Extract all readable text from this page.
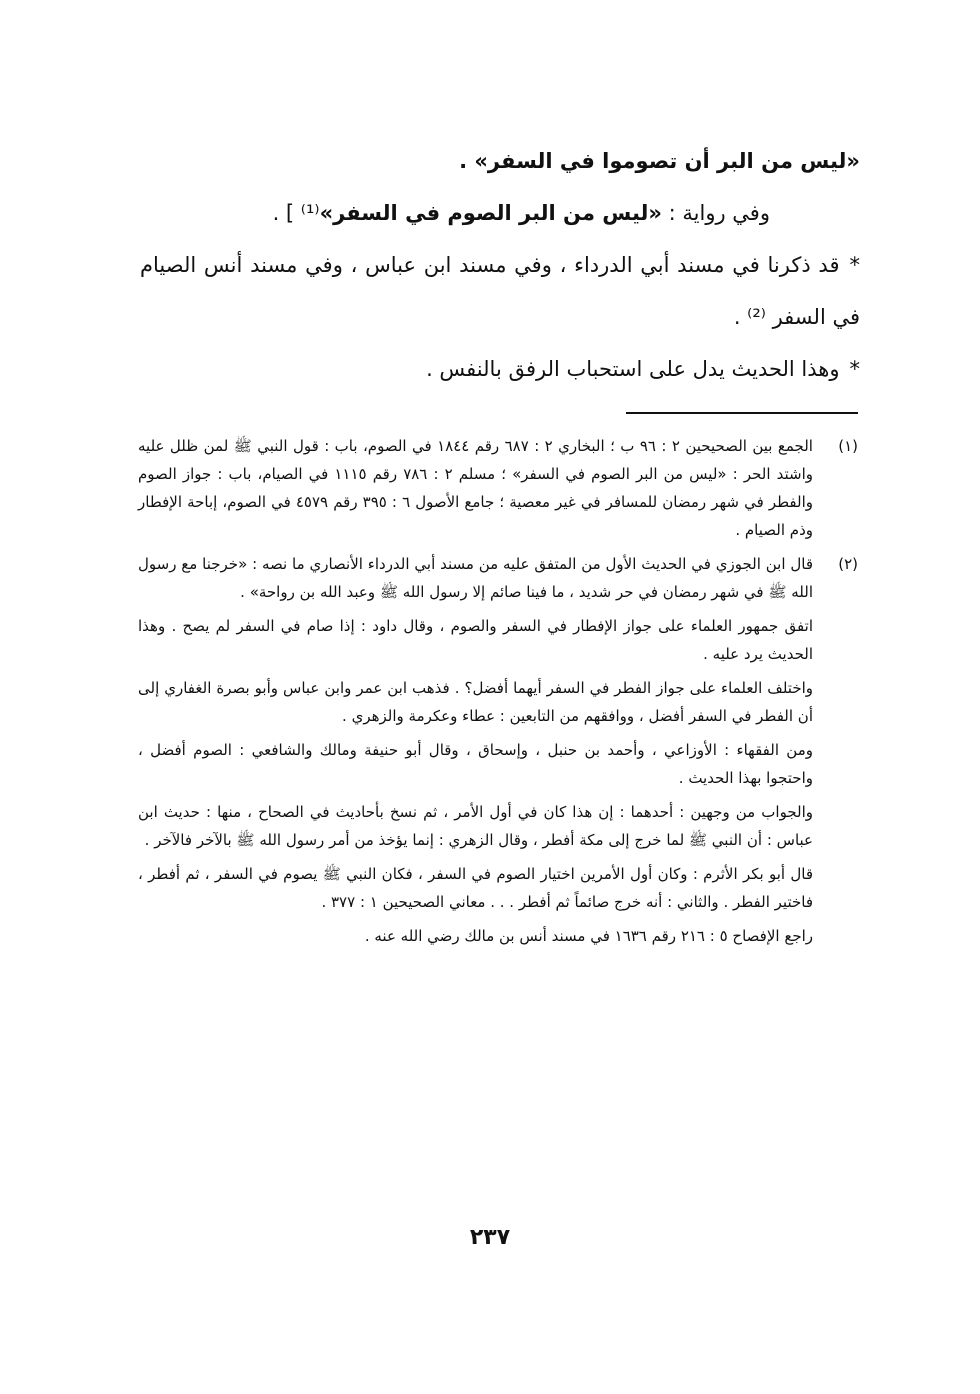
«ليس من البر أن تصوموا في السفر» .

وفي رواية : «ليس من البر الصوم في السفر»⁽¹⁾ ] .

*قد ذكرنا في مسند أبي الدرداء ، وفي مسند ابن عباس ، وفي مسند أنس الصيام في السفر ⁽²⁾ .

*وهذا الحديث يدل على استحباب الرفق بالنفس .

(١)

الجمع بين الصحيحين ٢ : ٩٦ ب ؛ البخاري ٢ : ٦٨٧ رقم ١٨٤٤ في الصوم، باب : قول النبي ﷺ لمن ظلل عليه واشتد الحر : «ليس من البر الصوم في السفر» ؛ مسلم ٢ : ٧٨٦ رقم ١١١٥ في الصيام، باب : جواز الصوم والفطر في شهر رمضان للمسافر في غير معصية ؛ جامع الأصول ٦ : ٣٩٥ رقم ٤٥٧٩ في الصوم، إباحة الإفطار وذم الصيام .

(٢)

قال ابن الجوزي في الحديث الأول من المتفق عليه من مسند أبي الدرداء الأنصاري ما نصه : «خرجنا مع رسول الله ﷺ في شهر رمضان في حر شديد ، ما فينا صائم إلا رسول الله ﷺ وعبد الله بن رواحة» .

اتفق جمهور العلماء على جواز الإفطار في السفر والصوم ، وقال داود : إذا صام في السفر لم يصح . وهذا الحديث يرد عليه .

واختلف العلماء على جواز الفطر في السفر أيهما أفضل؟ . فذهب ابن عمر وابن عباس وأبو بصرة الغفاري إلى أن الفطر في السفر أفضل ، ووافقهم من التابعين : عطاء وعكرمة والزهري .

ومن الفقهاء : الأوزاعي ، وأحمد بن حنبل ، وإسحاق ، وقال أبو حنيفة ومالك والشافعي : الصوم أفضل ، واحتجوا بهذا الحديث .

والجواب من وجهين : أحدهما : إن هذا كان في أول الأمر ، ثم نسخ بأحاديث في الصحاح ، منها : حديث ابن عباس : أن النبي ﷺ لما خرج إلى مكة أفطر ، وقال الزهري : إنما يؤخذ من أمر رسول الله ﷺ بالآخر فالآخر .

قال أبو بكر الأثرم : وكان أول الأمرين اختيار الصوم في السفر ، فكان النبي ﷺ يصوم في السفر ، ثم أفطر ، فاختير الفطر . والثاني : أنه خرج صائماً ثم أفطر . . . معاني الصحيحين ١ : ٣٧٧ .

راجع الإفصاح ٥ : ٢١٦ رقم ١٦٣٦ في مسند أنس بن مالك رضي الله عنه .

٢٣٧
